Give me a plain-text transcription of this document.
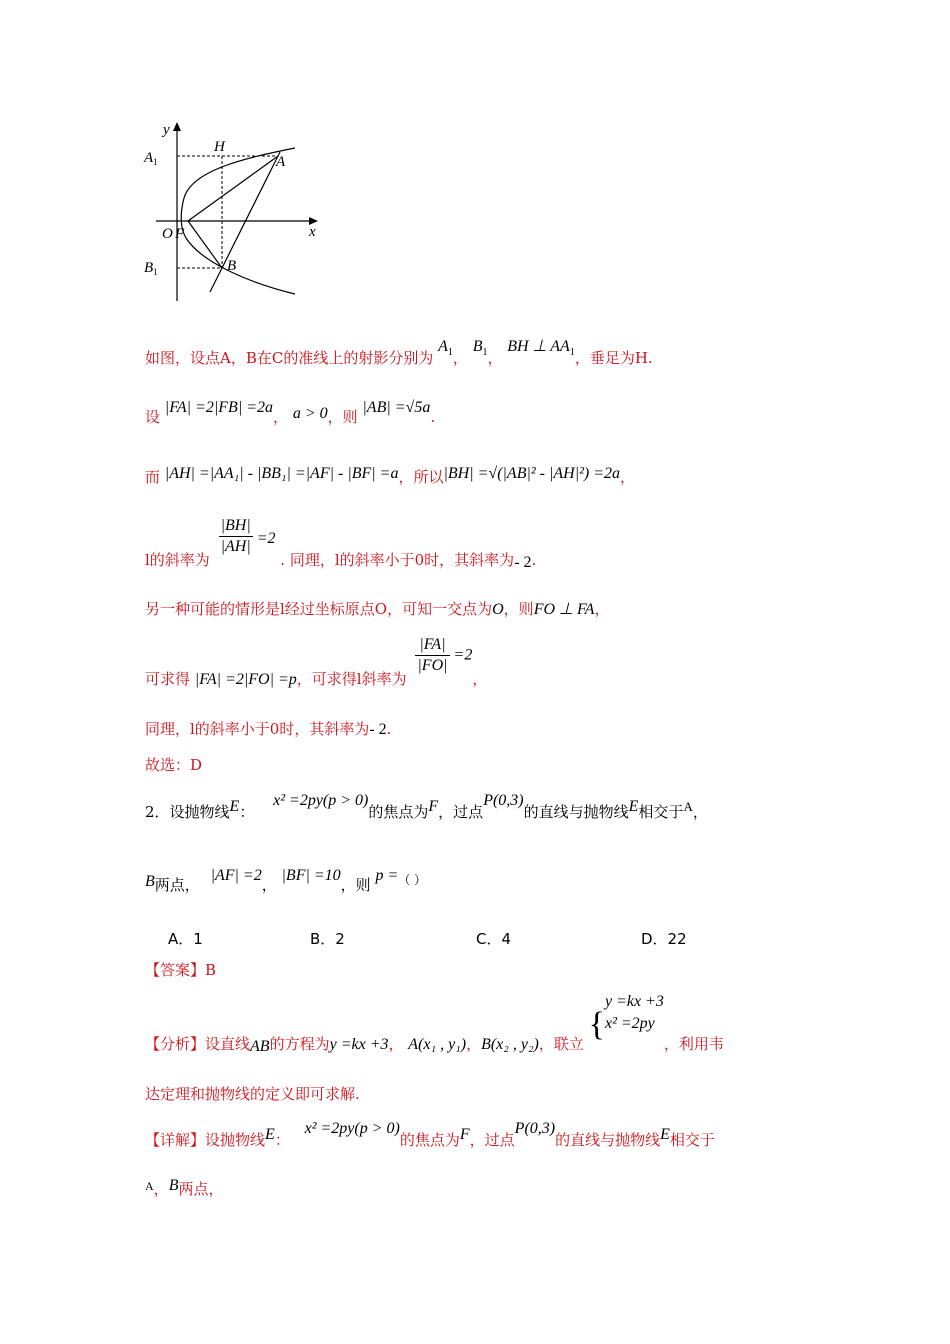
y
x
$A_1$
$B_1$
H
A
B
O F
如图，设点A，B在C的准线上的射影分别为 $A_1$， $B_1$， BH ⊥ $AA_1$，垂足为H.
设 |FA| =2|FB| =2a， a > 0，则 |AB| =√5a.
而 |AH| =|AA₁| - |BB₁| =|AF| - |BF| =a，所以|BH| =√(|AB|² - |AH|²) =2a，
l的斜率为
$\frac{|BH|}{|AH|} =2$ . 同理，l的斜率小于0时，其斜率为- 2.
另一种可能的情形是l经过坐标原点O，可知一交点为O，则FO ⊥ FA，
可求得 |FA| =2|FO| =p，可求得l斜率为
$\frac{|FA|}{|FO|} =2$，
同理，l的斜率小于0时，其斜率为- 2.
故选：D
2．设抛物线E： x² =2py(p > 0)的焦点为F，过点P(0,3)的直线与抛物线E相交于A，
B两点， |AF| =2， |BF| =10，则 p =（ ）
A．1	B．2	C．4	D．22
【答案】B
【分析】设直线AB的方程为y =kx +3， A(x₁ , y₁)，B(x₂ , y₂)，联立 {
y =kx +3
x² =2py
，利用韦
达定理和抛物线的定义即可求解.
【详解】设抛物线E： x² =2py(p > 0)的焦点为F，过点P(0,3)的直线与抛物线E相交于
$^A$，B两点，
